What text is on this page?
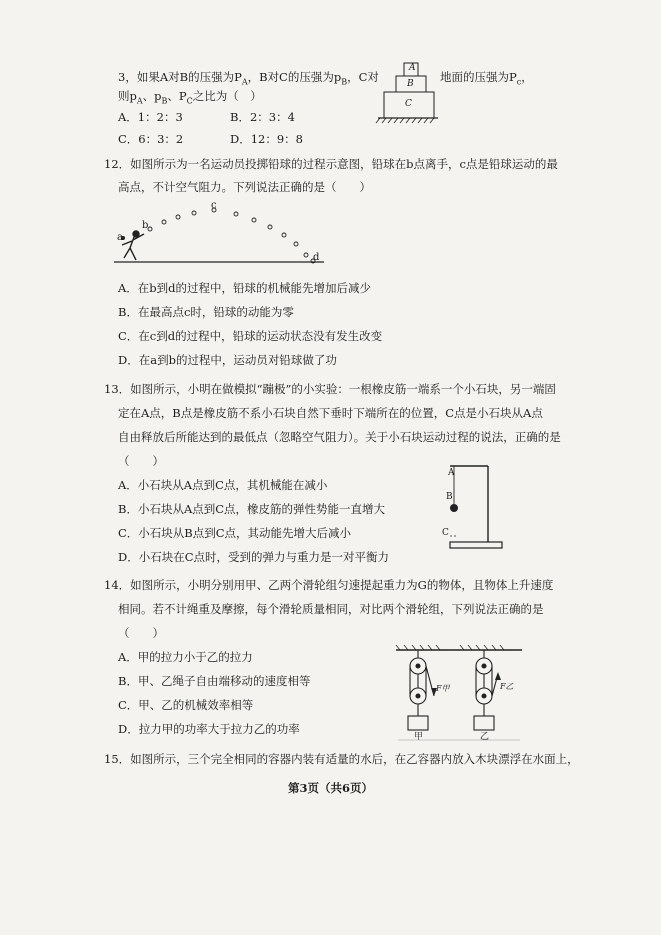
3，如果A对B的压强为$P_A$，B对C的压强为$p_B$，C对	地面的压强为$P_c$，
则$p_A$、$p_B$、$P_C$之比为（　）
A．1：2：3	B．2：3：4
C．6：3：2	D．12：9：8
A
B
C
12．如图所示为一名运动员投掷铅球的过程示意图，铅球在b点离手，c点是铅球运动的最
高点，不计空气阻力。下列说法正确的是（　　）
a
b
c
d
A．在b到d的过程中，铅球的机械能先增加后减少
B．在最高点c时，铅球的动能为零
C．在c到d的过程中，铅球的运动状态没有发生改变
D．在a到b的过程中，运动员对铅球做了功
13．如图所示，小明在做模拟“蹦极”的小实验：一根橡皮筋一端系一个小石块，另一端固
定在A点，B点是橡皮筋不系小石块自然下垂时下端所在的位置，C点是小石块从A点
自由释放后所能达到的最低点（忽略空气阻力）。关于小石块运动过程的说法，正确的是
（　　）
A．小石块从A点到C点，其机械能在减小
B．小石块从A点到C点，橡皮筋的弹性势能一直增大
C．小石块从B点到C点，其动能先增大后减小
D．小石块在C点时，受到的弹力与重力是一对平衡力
A
B
C
14．如图所示，小明分别用甲、乙两个滑轮组匀速提起重力为G的物体，且物体上升速度
相同。若不计绳重及摩擦，每个滑轮质量相同，对比两个滑轮组，下列说法正确的是
（　　）
A．甲的拉力小于乙的拉力
B．甲、乙绳子自由端移动的速度相等
C．甲、乙的机械效率相等
D．拉力甲的功率大于拉力乙的功率
F甲	F乙
甲	乙
15．如图所示，三个完全相同的容器内装有适量的水后，在乙容器内放入木块漂浮在水面上，
第3页（共6页）
